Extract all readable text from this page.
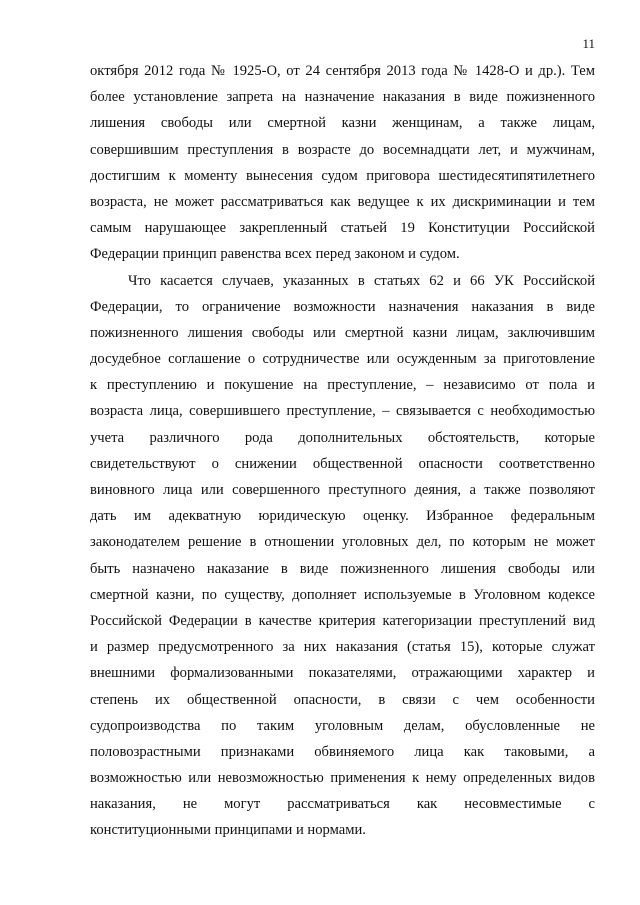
11
октября 2012 года № 1925-О, от 24 сентября 2013 года № 1428-О и др.). Тем
более установление запрета на назначение наказания в виде пожизненного
лишения свободы или смертной казни женщинам, а также лицам,
совершившим преступления в возрасте до восемнадцати лет, и мужчинам,
достигшим к моменту вынесения судом приговора шестидесятипятилетнего
возраста, не может рассматриваться как ведущее к их дискриминации и тем
самым нарушающее закрепленный статьей 19 Конституции Российской
Федерации принцип равенства всех перед законом и судом.
Что касается случаев, указанных в статьях 62 и 66 УК Российской
Федерации, то ограничение возможности назначения наказания в виде
пожизненного лишения свободы или смертной казни лицам, заключившим
досудебное соглашение о сотрудничестве или осужденным за приготовление
к преступлению и покушение на преступление, – независимо от пола и
возраста лица, совершившего преступление, – связывается с необходимостью
учета различного рода дополнительных обстоятельств, которые
свидетельствуют о снижении общественной опасности соответственно
виновного лица или совершенного преступного деяния, а также позволяют
дать им адекватную юридическую оценку. Избранное федеральным
законодателем решение в отношении уголовных дел, по которым не может
быть назначено наказание в виде пожизненного лишения свободы или
смертной казни, по существу, дополняет используемые в Уголовном кодексе
Российской Федерации в качестве критерия категоризации преступлений вид
и размер предусмотренного за них наказания (статья 15), которые служат
внешними формализованными показателями, отражающими характер и
степень их общественной опасности, в связи с чем особенности
судопроизводства по таким уголовным делам, обусловленные не
половозрастными признаками обвиняемого лица как таковыми, а
возможностью или невозможностью применения к нему определенных видов
наказания, не могут рассматриваться как несовместимые с
конституционными принципами и нормами.
